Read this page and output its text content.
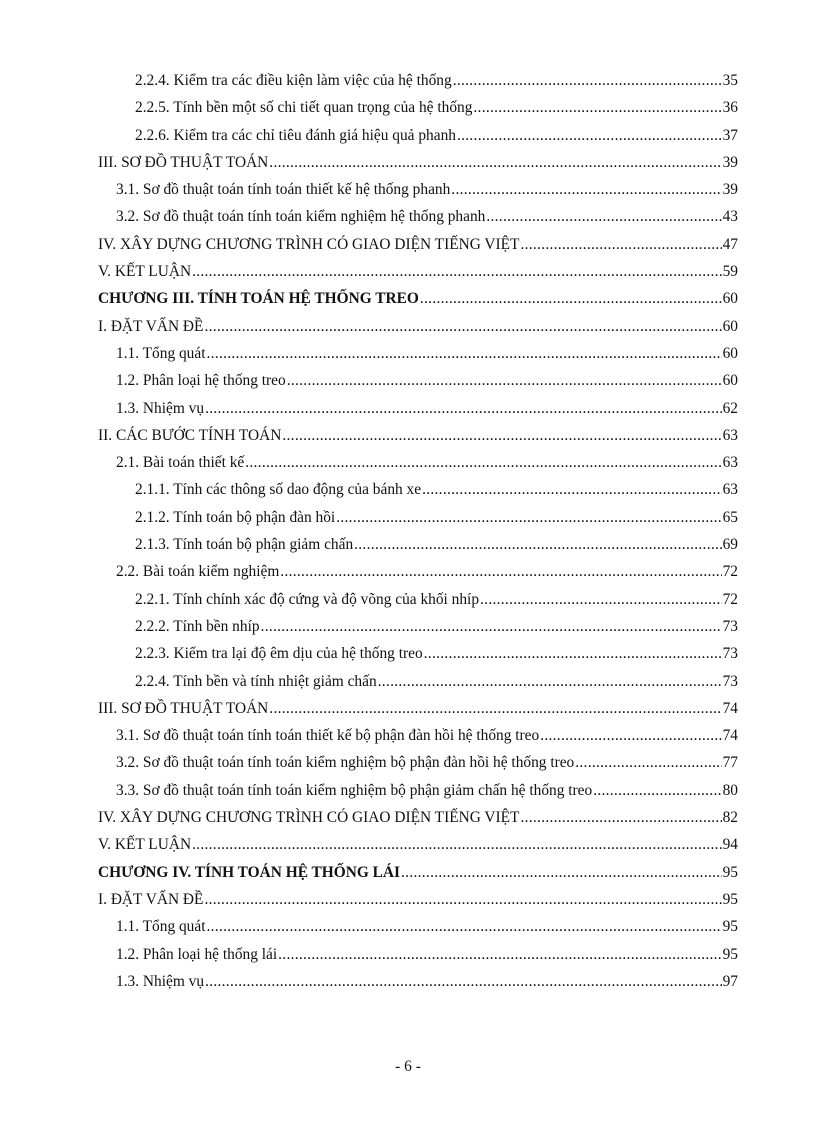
2.2.4. Kiểm tra các điều kiện làm việc của hệ thống .....	35
2.2.5. Tính bền một số chi tiết quan trọng của hệ thống .....	36
2.2.6. Kiểm tra các chỉ tiêu đánh giá hiệu quả phanh .....	37
III. SƠ ĐỒ THUẬT TOÁN .....	39
3.1. Sơ đồ thuật toán tính toán thiết kế hệ thống phanh .....	39
3.2. Sơ đồ thuật toán tính toán kiểm nghiệm hệ thống phanh .....	43
IV. XÂY DỰNG CHƯƠNG TRÌNH CÓ GIAO DIỆN TIẾNG VIỆT .....	47
V. KẾT LUẬN .....	59
CHƯƠNG III. TÍNH TOÁN HỆ THỐNG TREO .....	60
I. ĐẶT VẤN ĐỀ .....	60
1.1. Tổng quát .....	60
1.2. Phân loại hệ thống treo .....	60
1.3. Nhiệm vụ .....	62
II. CÁC BƯỚC TÍNH TOÁN .....	63
2.1. Bài toán thiết kế .....	63
2.1.1. Tính các thông số dao động của bánh xe .....	63
2.1.2. Tính toán bộ phận đàn hồi .....	65
2.1.3. Tính toán bộ phận giảm chấn .....	69
2.2. Bài toán kiểm nghiệm .....	72
2.2.1. Tính chính xác độ cứng và độ võng của khối nhíp .....	72
2.2.2. Tính bền nhíp .....	73
2.2.3. Kiểm tra lại độ êm dịu của hệ thống treo .....	73
2.2.4. Tính bền và tính nhiệt giảm chấn .....	73
III. SƠ ĐỒ THUẬT TOÁN .....	74
3.1. Sơ đồ thuật toán tính toán thiết kế bộ phận đàn hồi hệ thống treo .....	74
3.2. Sơ đồ thuật toán tính toán kiểm nghiệm bộ phận đàn hồi hệ thống treo .....	77
3.3. Sơ đồ thuật toán tính toán kiểm nghiệm bộ phận giảm chấn hệ thống treo .....	80
IV. XÂY DỰNG CHƯƠNG TRÌNH CÓ GIAO DIỆN TIẾNG VIỆT .....	82
V. KẾT LUẬN .....	94
CHƯƠNG IV. TÍNH TOÁN HỆ THỐNG LÁI .....	95
I. ĐẶT VẤN ĐỀ .....	95
1.1. Tổng quát .....	95
1.2. Phân loại hệ thống lái .....	95
1.3. Nhiệm vụ .....	97
- 6 -
